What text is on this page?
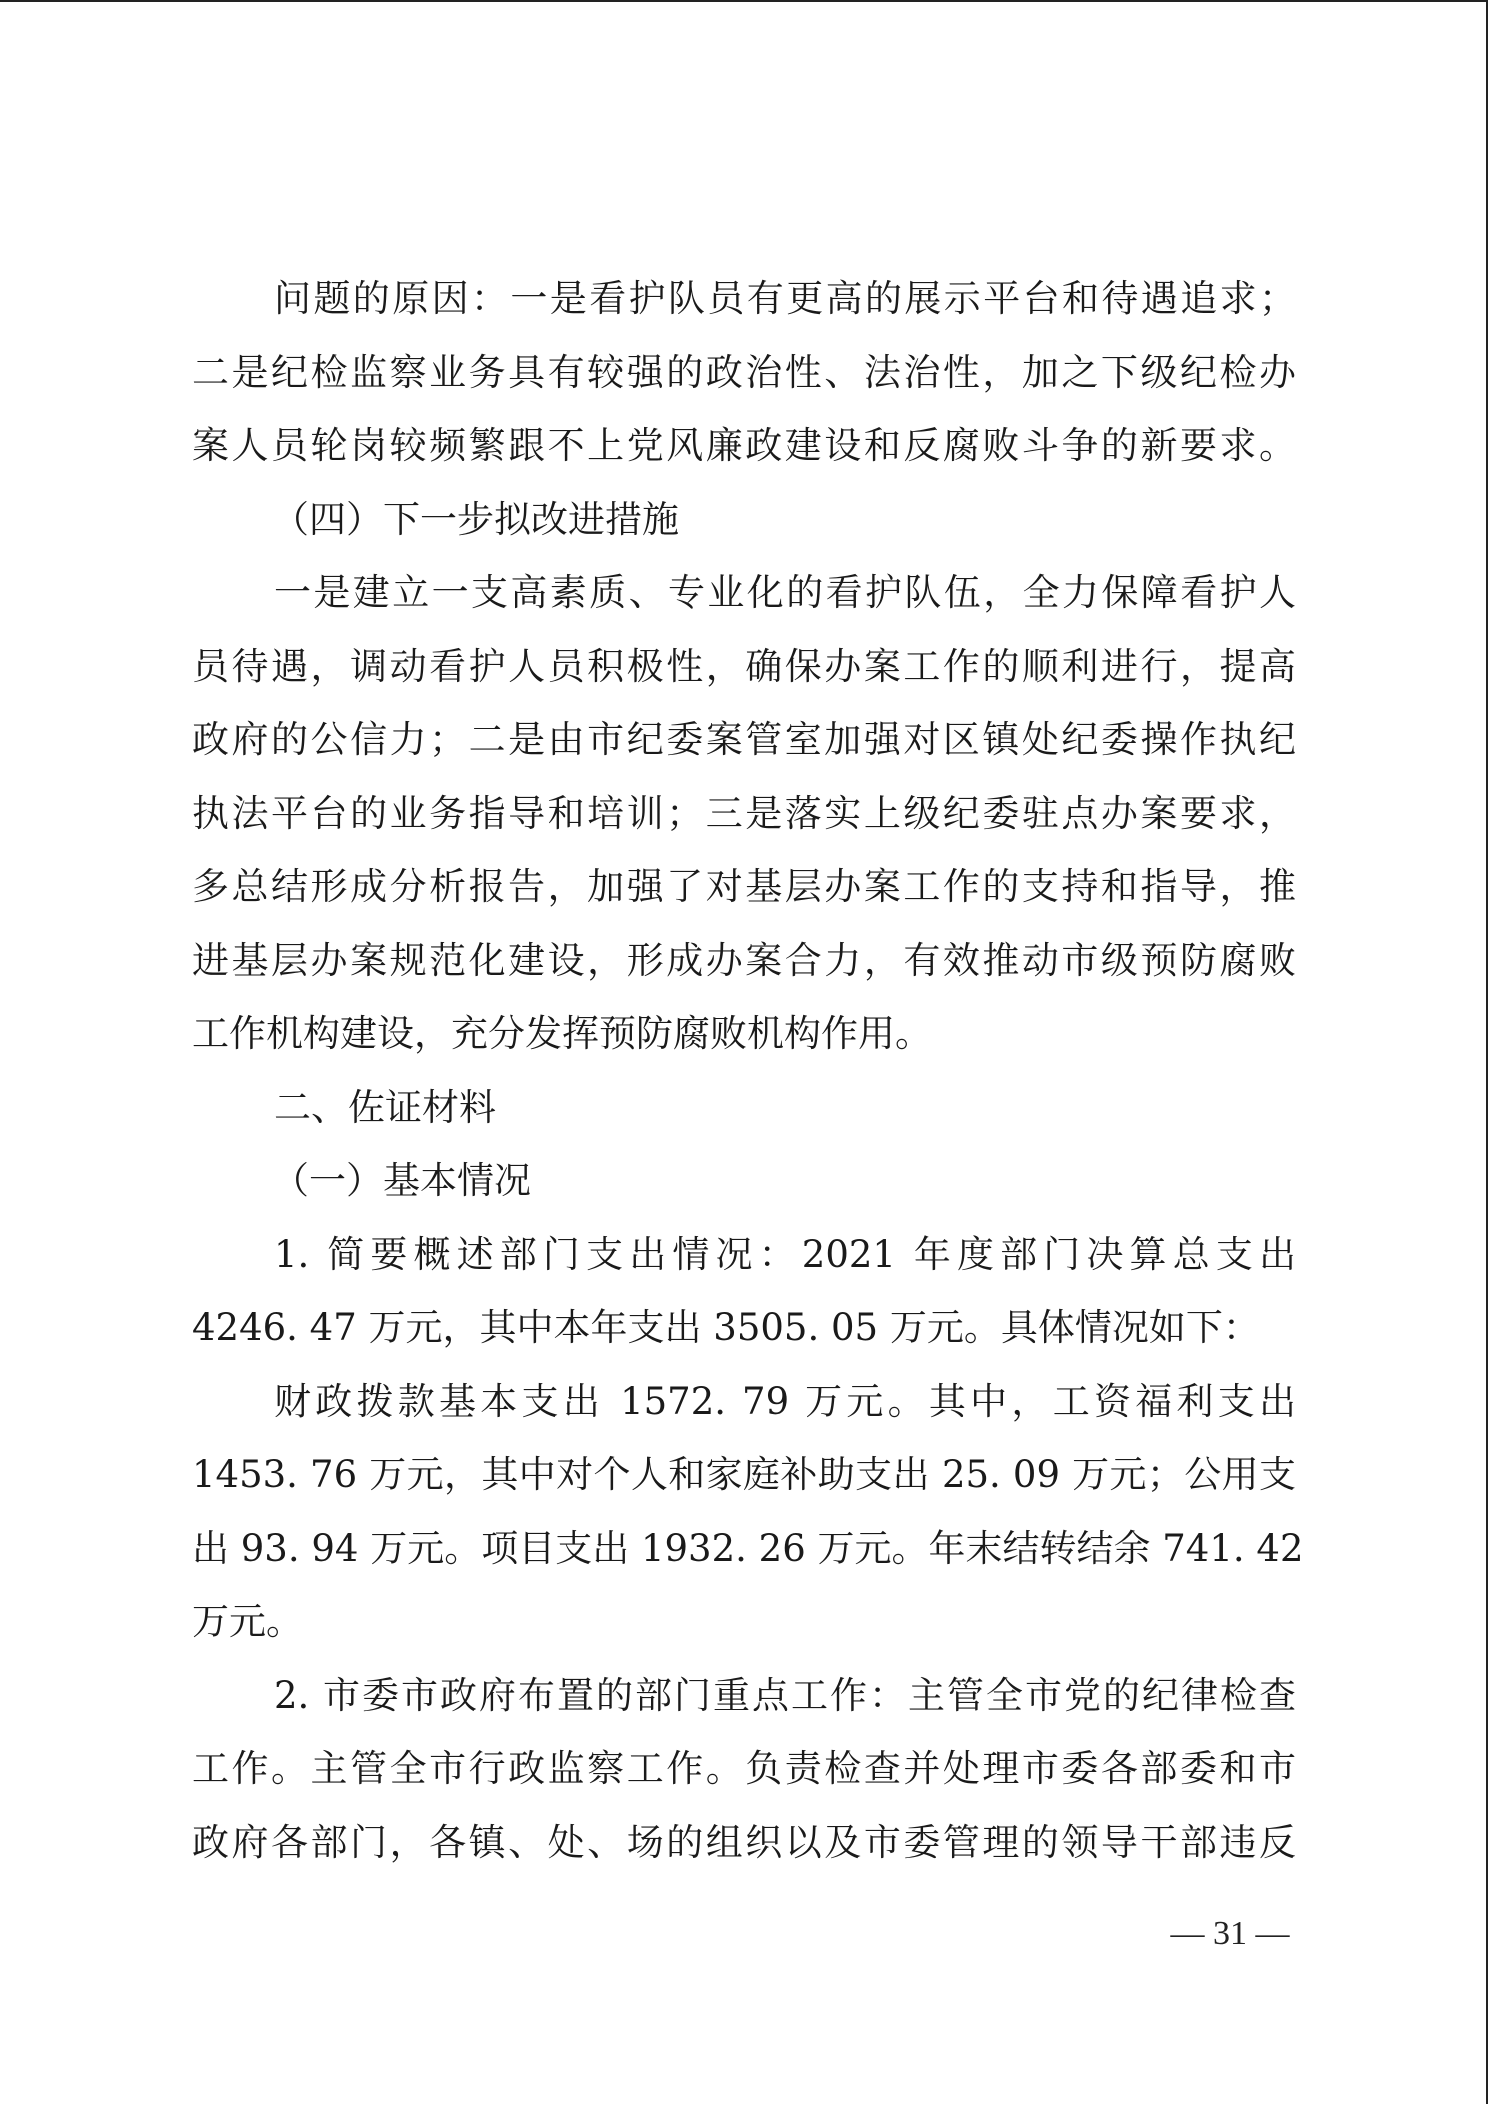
问题的原因：一是看护队员有更高的展示平台和待遇追求；
二是纪检监察业务具有较强的政治性、法治性，加之下级纪检办
案人员轮岗较频繁跟不上党风廉政建设和反腐败斗争的新要求。
（四）下一步拟改进措施
一是建立一支高素质、专业化的看护队伍，全力保障看护人
员待遇，调动看护人员积极性，确保办案工作的顺利进行，提高
政府的公信力；二是由市纪委案管室加强对区镇处纪委操作执纪
执法平台的业务指导和培训；三是落实上级纪委驻点办案要求，
多总结形成分析报告，加强了对基层办案工作的支持和指导，推
进基层办案规范化建设，形成办案合力，有效推动市级预防腐败
工作机构建设，充分发挥预防腐败机构作用。
二、佐证材料
（一）基本情况
1. 简要概述部门支出情况：2021 年度部门决算总支出
4246. 47 万元，其中本年支出 3505. 05 万元。具体情况如下：
财政拨款基本支出 1572. 79 万元。其中，工资福利支出
1453. 76 万元，其中对个人和家庭补助支出 25. 09 万元；公用支
出 93. 94 万元。项目支出 1932. 26 万元。年末结转结余 741. 42
万元。
2. 市委市政府布置的部门重点工作：主管全市党的纪律检查
工作。主管全市行政监察工作。负责检查并处理市委各部委和市
政府各部门，各镇、处、场的组织以及市委管理的领导干部违反
— 31 —
